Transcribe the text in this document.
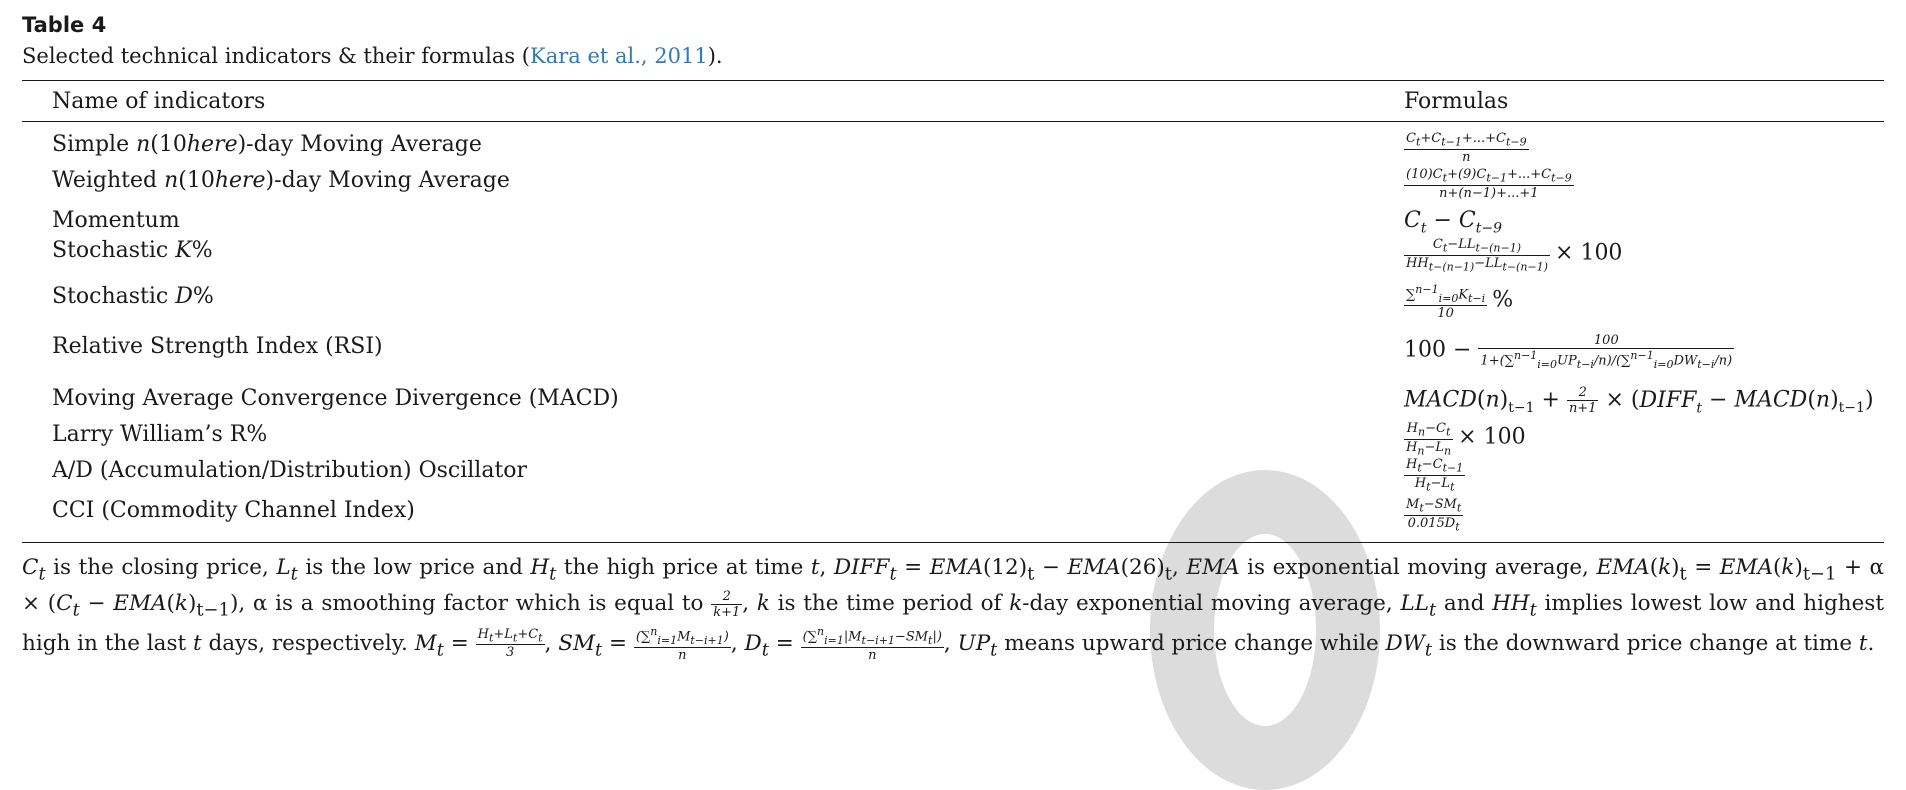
Table 4
Selected technical indicators & their formulas (Kara et al., 2011).
Name of indicators	Formulas
Simple n(10here)-day Moving Average	$\frac{C_t+C_{t-1}+...+C_{t-9}}{n}$
Weighted n(10here)-day Moving Average	$\frac{(10)C_t+(9)C_{t-1}+...+C_{t-9}}{n+(n-1)+...+1}$
Momentum	$C_t - C_{t-9}$
Stochastic K%	$\frac{C_t-LL_{t-(n-1)}}{HH_{t-(n-1)}-LL_{t-(n-1)}} \times 100$
Stochastic D%	$\frac{\sum^{n-1}_{i=0}K_{t-i}}{10}$ %
Relative Strength Index (RSI)	$100 - \frac{100}{1+(\sum^{n-1}_{i=0}UP_{t-i}/n)/(\sum^{n-1}_{i=0}DW_{t-i}/n)}$
Moving Average Convergence Divergence (MACD)	$MACD(n)_{t-1} + \frac{2}{n+1}$ × ($DIFF_t$ − $MACD(n)_{t-1}$)
Larry William’s R%	$\frac{H_n-C_t}{H_n-L_n} \times 100$
A/D (Accumulation/Distribution) Oscillator	$\frac{H_t-C_{t-1}}{H_t-L_t}$
CCI (Commodity Channel Index)	$\frac{M_t-SM_t}{0.015D_t}$
$C_t$ is the closing price, $L_t$ is the low price and $H_t$ the high price at time t, $DIFF_t = EMA(12)_t - EMA(26)_t$, EMA is exponential moving average, $EMA(k)_t = EMA(k)_{t-1} + \alpha \times (C_t - EMA(k)_{t-1})$, α is a smoothing factor which is equal to $\frac{2}{k+1}$ , k is the time period of k-day exponential moving average, $LL_t$ and $HH_t$ implies lowest low and highest high in the last t days, respectively. $M_t = \frac{H_t+L_t+C_t}{3}$ , $SM_t = \frac{(\sum^n_{i=1}M_{t-i+1})}{n}$ , $D_t = \frac{(\sum^n_{i=1}|M_{t-i+1}-SM_t|)}{n}$ , $UP_t$ means upward price change while $DW_t$ is the downward price change at time t.
